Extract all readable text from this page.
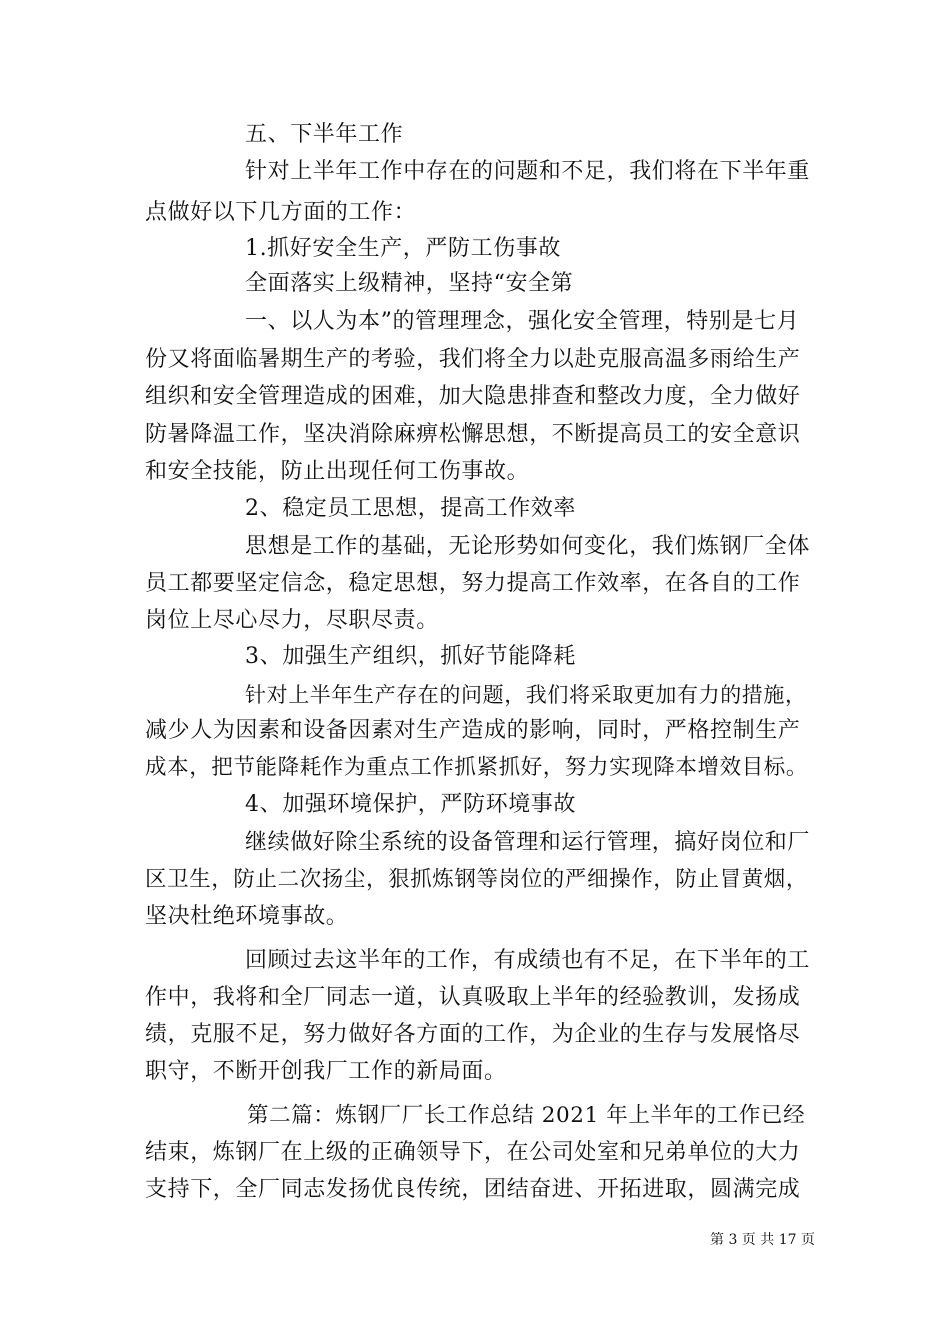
五、下半年工作
针对上半年工作中存在的问题和不足，我们将在下半年重
点做好以下几方面的工作：
1.抓好安全生产，严防工伤事故
全面落实上级精神，坚持“安全第
一、以人为本”的管理理念，强化安全管理，特别是七月
份又将面临暑期生产的考验，我们将全力以赴克服高温多雨给生产
组织和安全管理造成的困难，加大隐患排查和整改力度，全力做好
防暑降温工作，坚决消除麻痹松懈思想，不断提高员工的安全意识
和安全技能，防止出现任何工伤事故。
2、稳定员工思想，提高工作效率
思想是工作的基础，无论形势如何变化，我们炼钢厂全体
员工都要坚定信念，稳定思想，努力提高工作效率，在各自的工作
岗位上尽心尽力，尽职尽责。
3、加强生产组织，抓好节能降耗
针对上半年生产存在的问题，我们将采取更加有力的措施，
减少人为因素和设备因素对生产造成的影响，同时，严格控制生产
成本，把节能降耗作为重点工作抓紧抓好，努力实现降本增效目标。
4、加强环境保护，严防环境事故
继续做好除尘系统的设备管理和运行管理，搞好岗位和厂
区卫生，防止二次扬尘，狠抓炼钢等岗位的严细操作，防止冒黄烟，
坚决杜绝环境事故。
回顾过去这半年的工作，有成绩也有不足，在下半年的工
作中，我将和全厂同志一道，认真吸取上半年的经验教训，发扬成
绩，克服不足，努力做好各方面的工作，为企业的生存与发展恪尽
职守，不断开创我厂工作的新局面。
第二篇：炼钢厂厂长工作总结 2021 年上半年的工作已经
结束，炼钢厂在上级的正确领导下，在公司处室和兄弟单位的大力
支持下，全厂同志发扬优良传统，团结奋进、开拓进取，圆满完成
第 3 页 共 17 页
